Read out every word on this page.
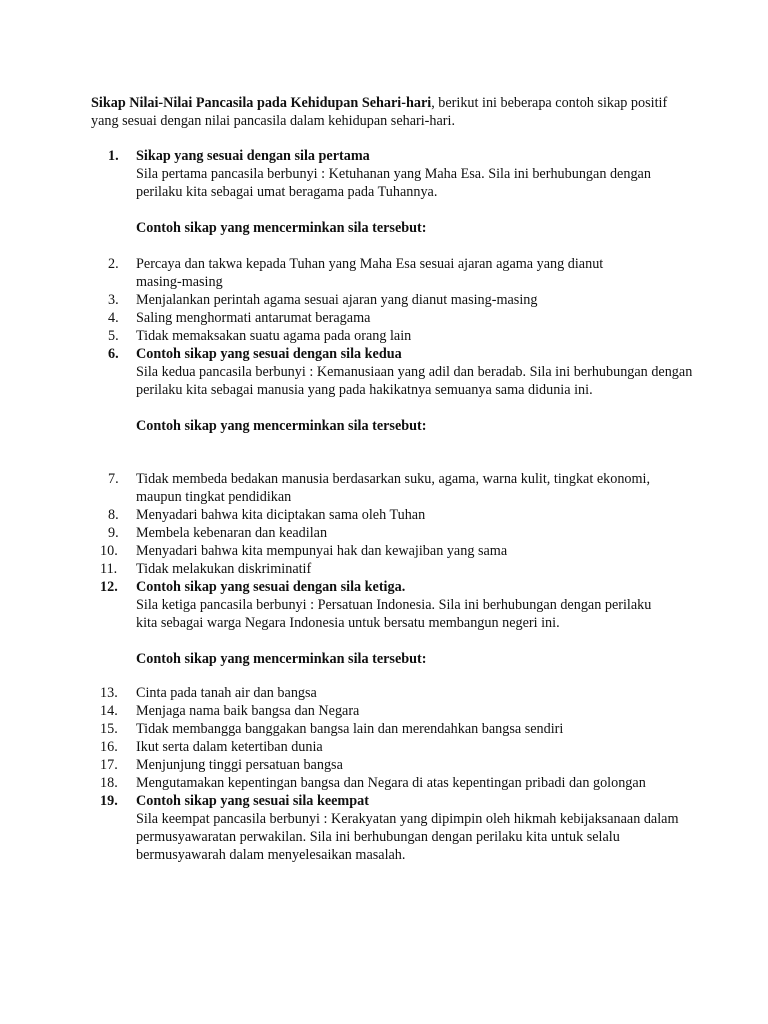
Sikap Nilai-Nilai Pancasila pada Kehidupan Sehari-hari, berikut ini beberapa contoh sikap positif yang sesuai dengan nilai pancasila dalam kehidupan sehari-hari.

1. Sikap yang sesuai dengan sila pertama

Sila pertama pancasila berbunyi : Ketuhanan yang Maha Esa. Sila ini berhubungan dengan perilaku kita sebagai umat beragama pada Tuhannya.

Contoh sikap yang mencerminkan sila tersebut:

2. Percaya dan takwa kepada Tuhan yang Maha Esa sesuai ajaran agama yang dianut masing-masing

3. Menjalankan perintah agama sesuai ajaran yang dianut masing-masing

4. Saling menghormati antarumat beragama

5. Tidak memaksakan suatu agama pada orang lain

6. Contoh sikap yang sesuai dengan sila kedua

Sila kedua pancasila berbunyi : Kemanusiaan yang adil dan beradab. Sila ini berhubungan dengan perilaku kita sebagai manusia yang pada hakikatnya semuanya sama didunia ini.

Contoh sikap yang mencerminkan sila tersebut:

7. Tidak membeda bedakan manusia berdasarkan suku, agama, warna kulit, tingkat ekonomi, maupun tingkat pendidikan

8. Menyadari bahwa kita diciptakan sama oleh Tuhan

9. Membela kebenaran dan keadilan

10. Menyadari bahwa kita mempunyai hak dan kewajiban yang sama

11. Tidak melakukan diskriminatif

12. Contoh sikap yang sesuai dengan sila ketiga.

Sila ketiga pancasila berbunyi : Persatuan Indonesia. Sila ini berhubungan dengan perilaku kita sebagai warga Negara Indonesia untuk bersatu membangun negeri ini.

Contoh sikap yang mencerminkan sila tersebut:

13. Cinta pada tanah air dan bangsa

14. Menjaga nama baik bangsa dan Negara

15. Tidak membangga banggakan bangsa lain dan merendahkan bangsa sendiri

16. Ikut serta dalam ketertiban dunia

17. Menjunjung tinggi persatuan bangsa

18. Mengutamakan kepentingan bangsa dan Negara di atas kepentingan pribadi dan golongan

19. Contoh sikap yang sesuai sila keempat

Sila keempat pancasila berbunyi : Kerakyatan yang dipimpin oleh hikmah kebijaksanaan dalam permusyawaratan perwakilan. Sila ini berhubungan dengan perilaku kita untuk selalu bermusyawarah dalam menyelesaikan masalah.
